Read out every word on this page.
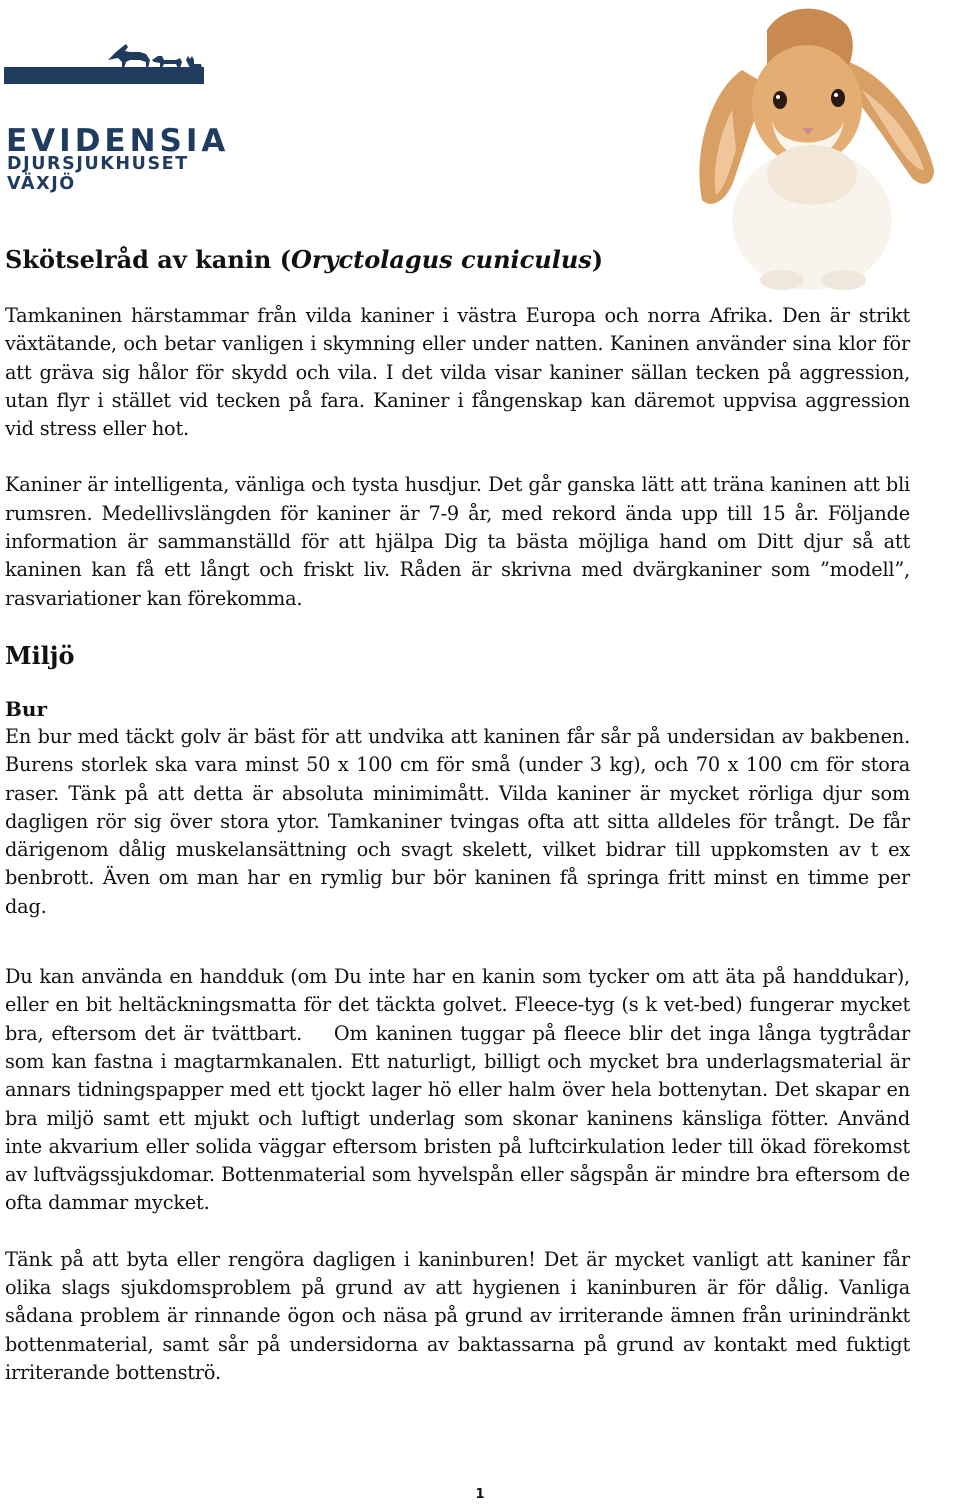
EVIDENSIA
DJURSJUKHUSET
VÄXJÖ
Skötselråd av kanin (Oryctolagus cuniculus)

Tamkaninen härstammar från vilda kaniner i västra Europa och norra Afrika. Den är strikt växtätande, och betar vanligen i skymning eller under natten. Kaninen använder sina klor för att gräva sig hålor för skydd och vila. I det vilda visar kaniner sällan tecken på aggression, utan flyr i stället vid tecken på fara. Kaniner i fångenskap kan däremot uppvisa aggression vid stress eller hot.

Kaniner är intelligenta, vänliga och tysta husdjur. Det går ganska lätt att träna kaninen att bli rumsren. Medellivslängden för kaniner är 7-9 år, med rekord ända upp till 15 år. Följande information är sammanställd för att hjälpa Dig ta bästa möjliga hand om Ditt djur så att kaninen kan få ett långt och friskt liv. Råden är skrivna med dvärgkaniner som ”modell”, rasvariationer kan förekomma.

Miljö
Bur

En bur med täckt golv är bäst för att undvika att kaninen får sår på undersidan av bakbenen. Burens storlek ska vara minst 50 x 100 cm för små (under 3 kg), och 70 x 100 cm för stora raser. Tänk på att detta är absoluta minimimått. Vilda kaniner är mycket rörliga djur som dagligen rör sig över stora ytor. Tamkaniner tvingas ofta att sitta alldeles för trångt. De får därigenom dålig muskelansättning och svagt skelett, vilket bidrar till uppkomsten av t ex benbrott. Även om man har en rymlig bur bör kaninen få springa fritt minst en timme per dag.

Du kan använda en handduk (om Du inte har en kanin som tycker om att äta på handdukar), eller en bit heltäckningsmatta för det täckta golvet. Fleece-tyg (s k vet-bed) fungerar mycket bra, eftersom det är tvättbart.    Om kaninen tuggar på fleece blir det inga långa tygtrådar som kan fastna i magtarmkanalen. Ett naturligt, billigt och mycket bra underlagsmaterial är annars tidningspapper med ett tjockt lager hö eller halm över hela bottenytan. Det skapar en bra miljö samt ett mjukt och luftigt underlag som skonar kaninens känsliga fötter. Använd inte akvarium eller solida väggar eftersom bristen på luftcirkulation leder till ökad förekomst av luftvägssjukdomar. Bottenmaterial som hyvelspån eller sågspån är mindre bra eftersom de ofta dammar mycket.

Tänk på att byta eller rengöra dagligen i kaninburen! Det är mycket vanligt att kaniner får olika slags sjukdomsproblem på grund av att hygienen i kaninburen är för dålig. Vanliga sådana problem är rinnande ögon och näsa på grund av irriterande ämnen från urinindränkt bottenmaterial, samt sår på undersidorna av baktassarna på grund av kontakt med fuktigt irriterande bottenströ.

1
